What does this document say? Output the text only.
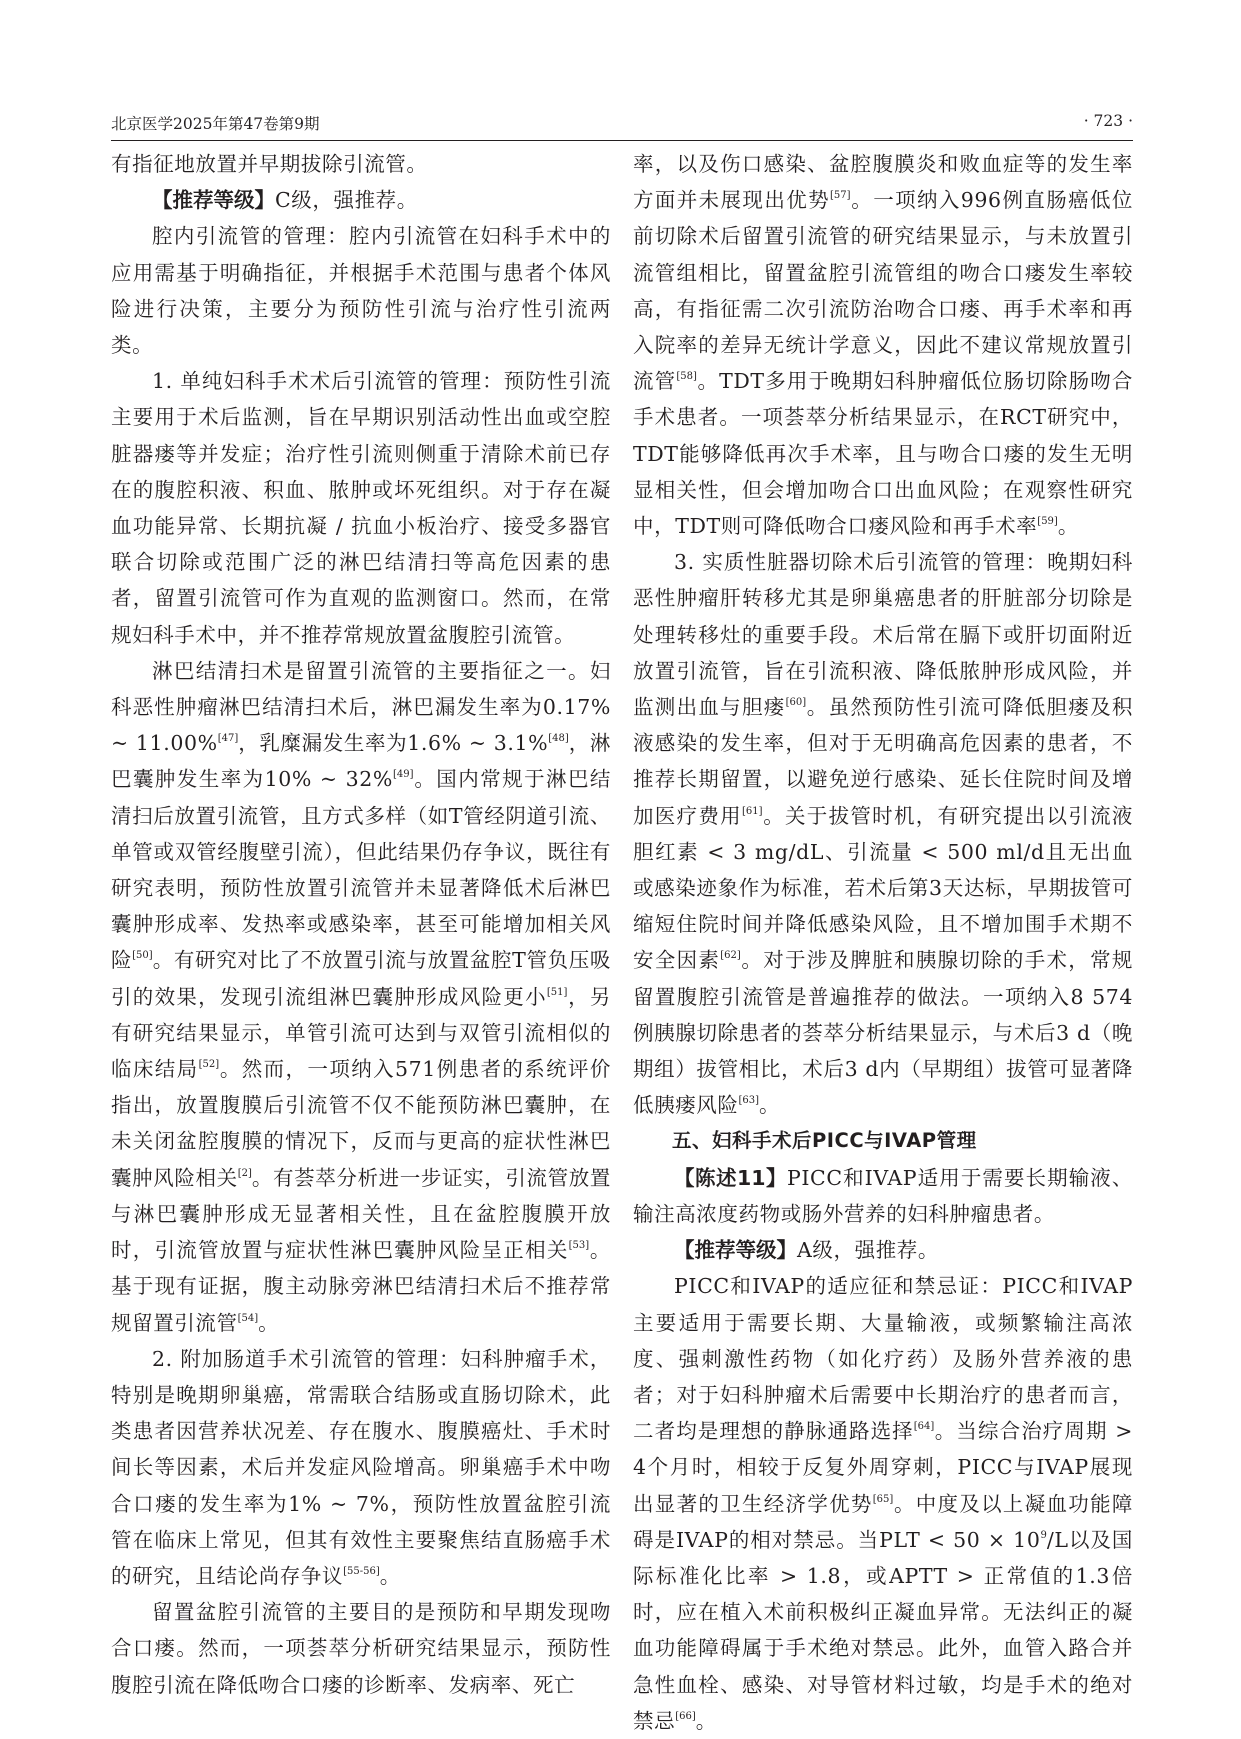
北京医学2025年第47卷第9期	· 723 ·

有指征地放置并早期拔除引流管。

【推荐等级】C级，强推荐。

腔内引流管的管理：腔内引流管在妇科手术中的应用需基于明确指征，并根据手术范围与患者个体风险进行决策，主要分为预防性引流与治疗性引流两类。

1. 单纯妇科手术术后引流管的管理：预防性引流主要用于术后监测，旨在早期识别活动性出血或空腔脏器瘘等并发症；治疗性引流则侧重于清除术前已存在的腹腔积液、积血、脓肿或坏死组织。对于存在凝血功能异常、长期抗凝 / 抗血小板治疗、接受多器官联合切除或范围广泛的淋巴结清扫等高危因素的患者，留置引流管可作为直观的监测窗口。然而，在常规妇科手术中，并不推荐常规放置盆腹腔引流管。

淋巴结清扫术是留置引流管的主要指征之一。妇科恶性肿瘤淋巴结清扫术后，淋巴漏发生率为0.17% ~ 11.00%[47]，乳糜漏发生率为1.6% ~ 3.1%[48]，淋巴囊肿发生率为10% ~ 32%[49]。国内常规于淋巴结清扫后放置引流管，且方式多样（如T管经阴道引流、单管或双管经腹壁引流），但此结果仍存争议，既往有研究表明，预防性放置引流管并未显著降低术后淋巴囊肿形成率、发热率或感染率，甚至可能增加相关风险[50]。有研究对比了不放置引流与放置盆腔T管负压吸引的效果，发现引流组淋巴囊肿形成风险更小[51]，另有研究结果显示，单管引流可达到与双管引流相似的临床结局[52]。然而，一项纳入571例患者的系统评价指出，放置腹膜后引流管不仅不能预防淋巴囊肿，在未关闭盆腔腹膜的情况下，反而与更高的症状性淋巴囊肿风险相关[2]。有荟萃分析进一步证实，引流管放置与淋巴囊肿形成无显著相关性，且在盆腔腹膜开放时，引流管放置与症状性淋巴囊肿风险呈正相关[53]。基于现有证据，腹主动脉旁淋巴结清扫术后不推荐常规留置引流管[54]。

2. 附加肠道手术引流管的管理：妇科肿瘤手术，特别是晚期卵巢癌，常需联合结肠或直肠切除术，此类患者因营养状况差、存在腹水、腹膜癌灶、手术时间长等因素，术后并发症风险增高。卵巢癌手术中吻合口瘘的发生率为1% ~ 7%，预防性放置盆腔引流管在临床上常见，但其有效性主要聚焦结直肠癌手术的研究，且结论尚存争议[55-56]。

留置盆腔引流管的主要目的是预防和早期发现吻合口瘘。然而，一项荟萃分析研究结果显示，预防性腹腔引流在降低吻合口瘘的诊断率、发病率、死亡

率，以及伤口感染、盆腔腹膜炎和败血症等的发生率方面并未展现出优势[57]。一项纳入996例直肠癌低位前切除术后留置引流管的研究结果显示，与未放置引流管组相比，留置盆腔引流管组的吻合口瘘发生率较高，有指征需二次引流防治吻合口瘘、再手术率和再入院率的差异无统计学意义，因此不建议常规放置引流管[58]。TDT多用于晚期妇科肿瘤低位肠切除肠吻合手术患者。一项荟萃分析结果显示，在RCT研究中，TDT能够降低再次手术率，且与吻合口瘘的发生无明显相关性，但会增加吻合口出血风险；在观察性研究中，TDT则可降低吻合口瘘风险和再手术率[59]。

3. 实质性脏器切除术后引流管的管理：晚期妇科恶性肿瘤肝转移尤其是卵巢癌患者的肝脏部分切除是处理转移灶的重要手段。术后常在膈下或肝切面附近放置引流管，旨在引流积液、降低脓肿形成风险，并监测出血与胆瘘[60]。虽然预防性引流可降低胆瘘及积液感染的发生率，但对于无明确高危因素的患者，不推荐长期留置，以避免逆行感染、延长住院时间及增加医疗费用[61]。关于拔管时机，有研究提出以引流液胆红素 < 3 mg/dL、引流量 < 500 ml/d且无出血或感染迹象作为标准，若术后第3天达标，早期拔管可缩短住院时间并降低感染风险，且不增加围手术期不安全因素[62]。对于涉及脾脏和胰腺切除的手术，常规留置腹腔引流管是普遍推荐的做法。一项纳入8 574例胰腺切除患者的荟萃分析结果显示，与术后3 d（晚期组）拔管相比，术后3 d内（早期组）拔管可显著降低胰瘘风险[63]。

五、妇科手术后PICC与IVAP管理

【陈述11】PICC和IVAP适用于需要长期输液、输注高浓度药物或肠外营养的妇科肿瘤患者。

【推荐等级】A级，强推荐。

PICC和IVAP的适应征和禁忌证：PICC和IVAP主要适用于需要长期、大量输液，或频繁输注高浓度、强刺激性药物（如化疗药）及肠外营养液的患者；对于妇科肿瘤术后需要中长期治疗的患者而言，二者均是理想的静脉通路选择[64]。当综合治疗周期 > 4个月时，相较于反复外周穿刺，PICC与IVAP展现出显著的卫生经济学优势[65]。中度及以上凝血功能障碍是IVAP的相对禁忌。当PLT < $50 \times 10^9/L$以及国际标准化比率 > 1.8，或APTT > 正常值的1.3倍时，应在植入术前积极纠正凝血异常。无法纠正的凝血功能障碍属于手术绝对禁忌。此外，血管入路合并急性血栓、感染、对导管材料过敏，均是手术的绝对禁忌[66]。
